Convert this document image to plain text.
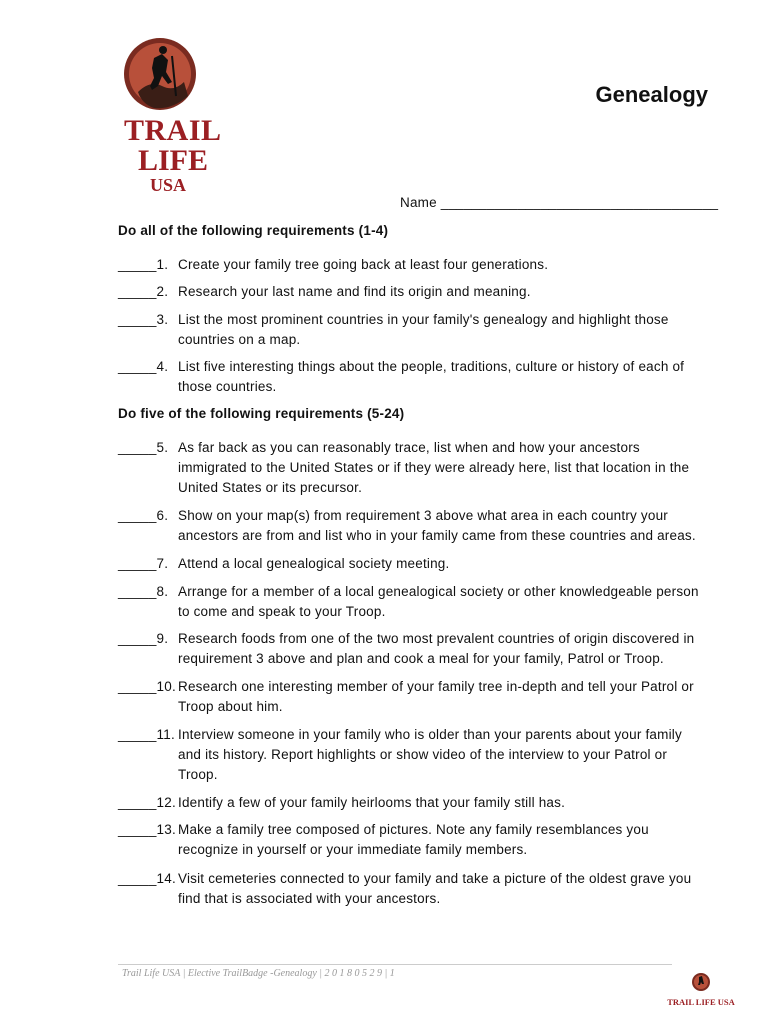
TRAIL
LIFE
USA
Genealogy
Name ____________________________________
Do all of the following requirements (1-4)
_____1. Create your family tree going back at least four generations.
_____2. Research your last name and find its origin and meaning.
_____3. List the most prominent countries in your family's genealogy and highlight those countries on a map.
_____4. List five interesting things about the people, traditions, culture or history of each of those countries.
Do five of the following requirements (5-24)
_____5. As far back as you can reasonably trace, list when and how your ancestors immigrated to the United States or if they were already here, list that location in the United States or its precursor.
_____6. Show on your map(s) from requirement 3 above what area in each country your ancestors are from and list who in your family came from these countries and areas.
_____7. Attend a local genealogical society meeting.
_____8. Arrange for a member of a local genealogical society or other knowledgeable person to come and speak to your Troop.
_____9. Research foods from one of the two most prevalent countries of origin discovered in requirement 3 above and plan and cook a meal for your family, Patrol or Troop.
_____10. Research one interesting member of your family tree in-depth and tell your Patrol or Troop about him.
_____11. Interview someone in your family who is older than your parents about your family and its history. Report highlights or show video of the interview to your Patrol or Troop.
_____12. Identify a few of your family heirlooms that your family still has.
_____13. Make a family tree composed of pictures. Note any family resemblances you recognize in yourself or your immediate family members.
_____14. Visit cemeteries connected to your family and take a picture of the oldest grave you find that is associated with your ancestors.
Trail Life USA | Elective TrailBadge -Genealogy | 2 0 1 8 0 5 2 9 | 1
TRAIL LIFE USA
